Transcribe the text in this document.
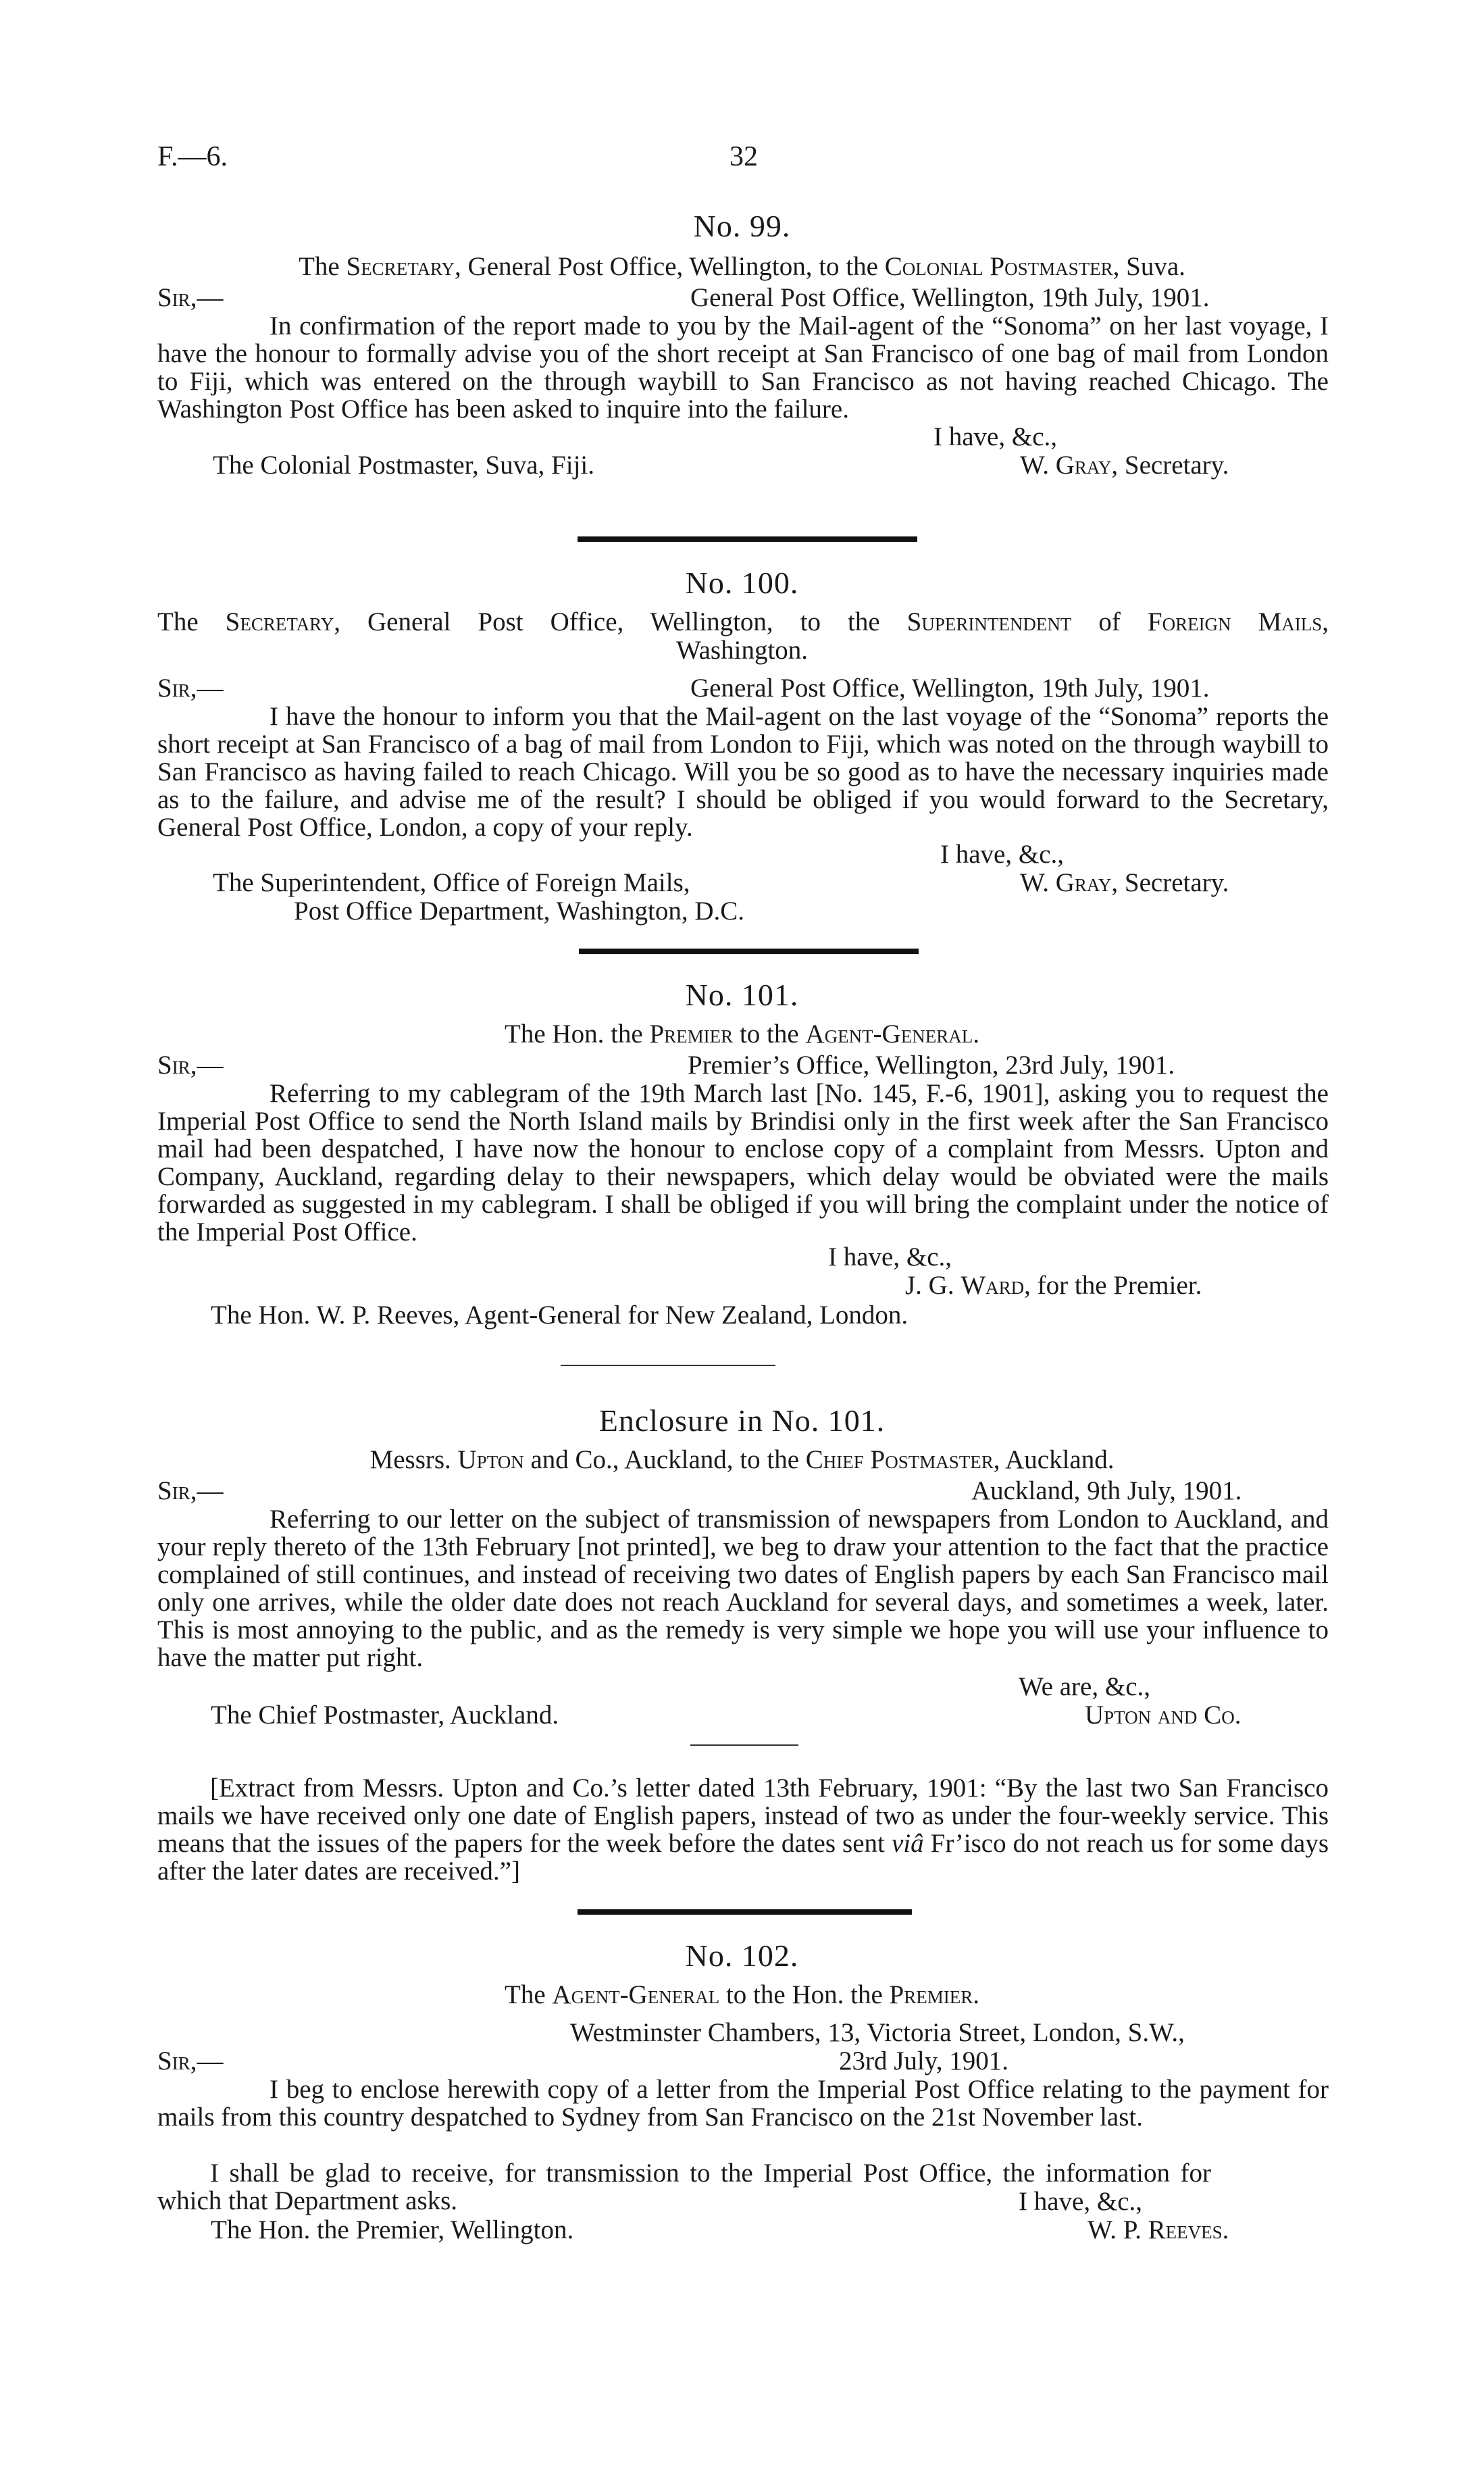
F.—6.	32
No. 99.
The Secretary, General Post Office, Wellington, to the Colonial Postmaster, Suva.
Sir,—	General Post Office, Wellington, 19th July, 1901.

In confirmation of the report made to you by the Mail-agent of the “Sonoma” on her last voyage, I have the honour to formally advise you of the short receipt at San Francisco of one bag of mail from London to Fiji, which was entered on the through waybill to San Francisco as not having reached Chicago. The Washington Post Office has been asked to inquire into the failure.

I have, &c.,
The Colonial Postmaster, Suva, Fiji.	W. Gray, Secretary.
No. 100.
The Secretary, General Post Office, Wellington, to the Superintendent of Foreign Mails,
Washington.
Sir,—	General Post Office, Wellington, 19th July, 1901.

I have the honour to inform you that the Mail-agent on the last voyage of the “Sonoma” reports the short receipt at San Francisco of a bag of mail from London to Fiji, which was noted on the through waybill to San Francisco as having failed to reach Chicago. Will you be so good as to have the necessary inquiries made as to the failure, and advise me of the result? I should be obliged if you would forward to the Secretary, General Post Office, London, a copy of your reply.

I have, &c.,
The Superintendent, Office of Foreign Mails,	W. Gray, Secretary.
Post Office Department, Washington, D.C.
No. 101.
The Hon. the Premier to the Agent-General.
Sir,—	Premier’s Office, Wellington, 23rd July, 1901.

Referring to my cablegram of the 19th March last [No. 145, F.-6, 1901], asking you to request the Imperial Post Office to send the North Island mails by Brindisi only in the first week after the San Francisco mail had been despatched, I have now the honour to enclose copy of a complaint from Messrs. Upton and Company, Auckland, regarding delay to their newspapers, which delay would be obviated were the mails forwarded as suggested in my cablegram. I shall be obliged if you will bring the complaint under the notice of the Imperial Post Office.

I have, &c.,
J. G. Ward, for the Premier.
The Hon. W. P. Reeves, Agent-General for New Zealand, London.
Enclosure in No. 101.
Messrs. Upton and Co., Auckland, to the Chief Postmaster, Auckland.
Sir,—	Auckland, 9th July, 1901.

Referring to our letter on the subject of transmission of newspapers from London to Auckland, and your reply thereto of the 13th February [not printed], we beg to draw your attention to the fact that the practice complained of still continues, and instead of receiving two dates of English papers by each San Francisco mail only one arrives, while the older date does not reach Auckland for several days, and sometimes a week, later. This is most annoying to the public, and as the remedy is very simple we hope you will use your influence to have the matter put right.

We are, &c.,
The Chief Postmaster, Auckland.	Upton and Co.

[Extract from Messrs. Upton and Co.’s letter dated 13th February, 1901: “By the last two San Francisco mails we have received only one date of English papers, instead of two as under the four-weekly service. This means that the issues of the papers for the week before the dates sent viâ Fr’isco do not reach us for some days after the later dates are received.”]

No. 102.
The Agent-General to the Hon. the Premier.
Westminster Chambers, 13, Victoria Street, London, S.W.,
23rd July, 1901.
Sir,—

I beg to enclose herewith copy of a letter from the Imperial Post Office relating to the payment for mails from this country despatched to Sydney from San Francisco on the 21st November last.

I shall be glad to receive, for transmission to the Imperial Post Office, the information for which that Department asks.	I have, &c.,
The Hon. the Premier, Wellington.	W. P. Reeves.
